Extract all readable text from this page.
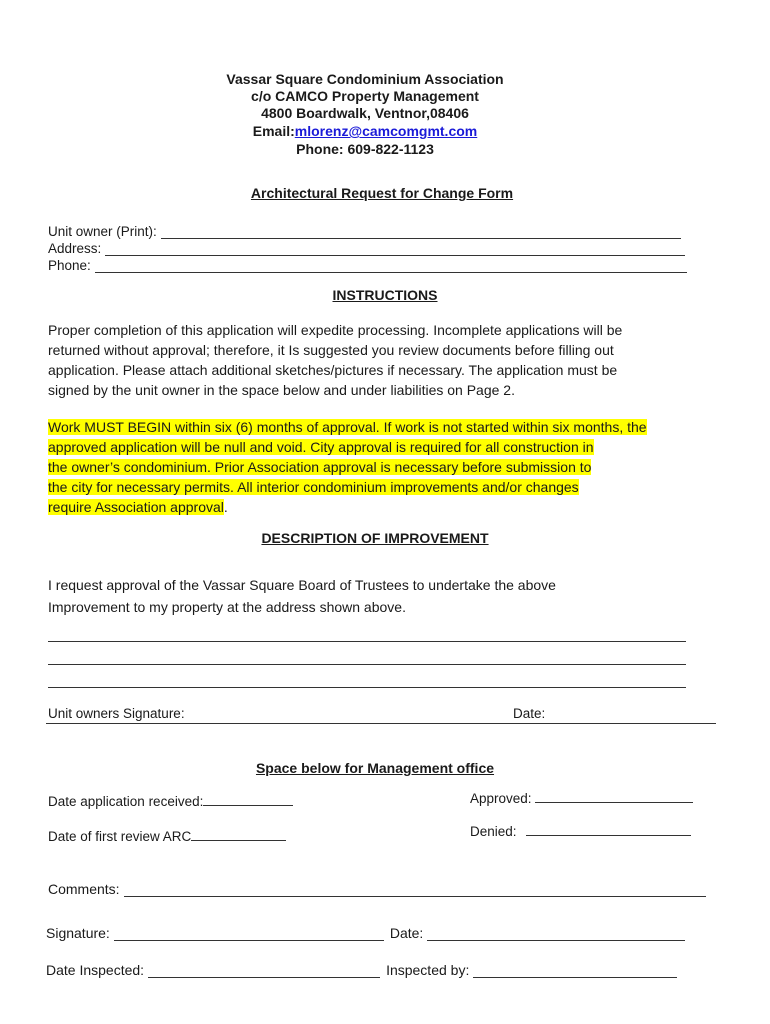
Vassar Square Condominium Association
c/o CAMCO Property Management
4800 Boardwalk, Ventnor,08406
Email:mlorenz@camcomgmt.com
Phone: 609-822-1123
Architectural Request for Change Form
Unit owner (Print):
Address:
Phone:
INSTRUCTIONS
Proper completion of this application will expedite processing. Incomplete applications will be
returned without approval; therefore, it Is suggested you review documents before filling out
application. Please attach additional sketches/pictures if necessary. The application must be
signed by the unit owner in the space below and under liabilities on Page 2.
Work MUST BEGIN within six (6) months of approval. If work is not started within six months, the
approved application will be null and void. City approval is required for all construction in
the owner’s condominium. Prior Association approval is necessary before submission to
the city for necessary permits. All interior condominium improvements and/or changes
require Association approval.
DESCRIPTION OF IMPROVEMENT
I request approval of the Vassar Square Board of Trustees to undertake the above
Improvement to my property at the address shown above.
Unit owners Signature:	Date:
Space below for Management office
Date application received:	Approved:
Date of first review ARC	Denied:
Comments:
Signature:	Date:
Date Inspected:	Inspected by:
